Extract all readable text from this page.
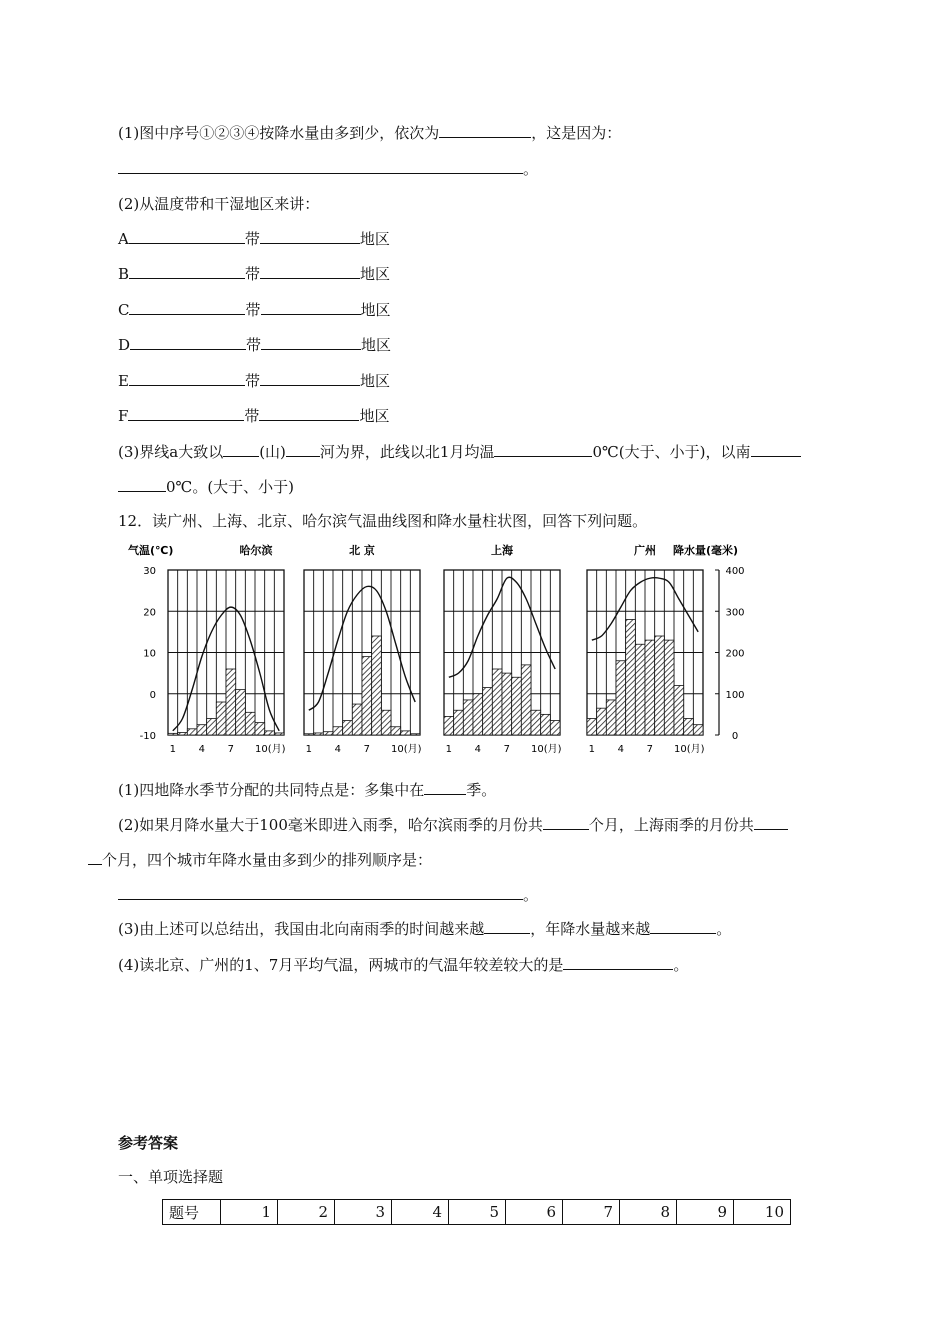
(1)图中序号①②③④按降水量由多到少，依次为	，这是因为：
。
(2)从温度带和干湿地区来讲：
A	带	地区
B	带	地区
C	带	地区
D	带	地区
E	带	地区
F	带	地区
(3)界线a大致以 (山) 河为界，此线以北1月均温	0℃(大于、小于)，以南
0℃。(大于、小于)
12．读广州、上海、北京、哈尔滨气温曲线图和降水量柱状图，回答下列问题。
气温(℃)	降水量(毫米)
30
20
10
0
-10
400
300
200
100
0
哈尔滨
1 4 7 10(月)
北 京
1 4 7 10(月)
上海
1 4 7 10(月)
广州
1 4 7 10(月)
(1)四地降水季节分配的共同特点是：多集中在	季。
(2)如果月降水量大于100毫米即进入雨季，哈尔滨雨季的月份共	个月，上海雨季的月份共
个月，四个城市年降水量由多到少的排列顺序是：
。
(3)由上述可以总结出，我国由北向南雨季的时间越来越	，年降水量越来越	。
(4)读北京、广州的1、7月平均气温，两城市的气温年较差较大的是	。
参考答案
一、单项选择题
题号	1	2	3	4	5	6	7	8	9	10
